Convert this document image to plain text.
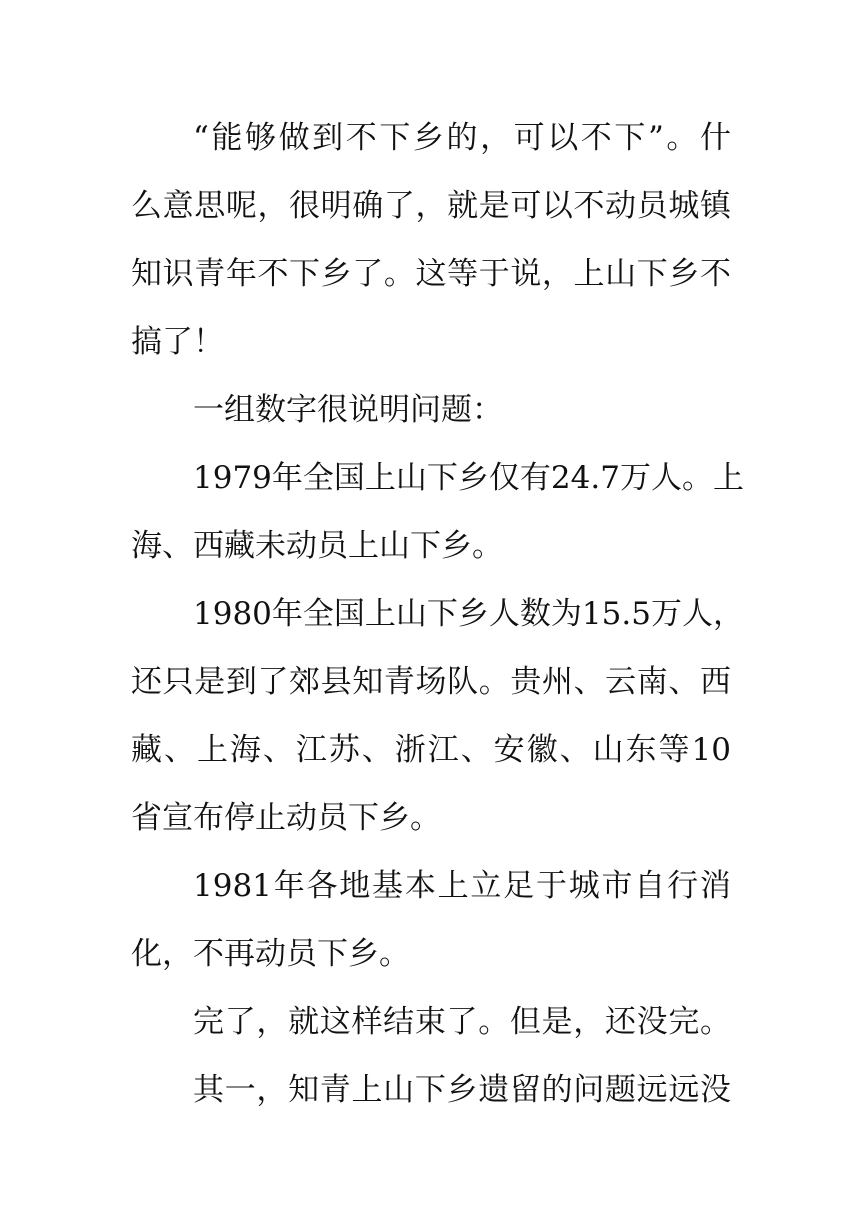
“ 能 够 做 到 不 下 乡 的 ， 可 以 不 下 ” 。 什
么 意 思 呢 ， 很 明 确 了 ， 就 是 可 以 不 动 员 城 镇
知 识 青 年 不 下 乡 了 。 这 等 于 说 ， 上 山 下 乡 不
搞了！
一组数字很说明问题：
1979 年 全 国 上 山 下 乡 仅 有 24.7 万 人 。 上
海、西藏未动员上山下乡。
1980 年 全 国 上 山 下 乡 人 数 为 15.5 万 人 ，
还 只 是 到 了 郊 县 知 青 场 队 。 贵 州 、 云 南 、 西
藏 、 上 海 、 江 苏 、 浙 江 、 安 徽 、 山 东 等 10
省宣布停止动员下乡。
1981 年 各 地 基 本 上 立 足 于 城 市 自 行 消
化，不再动员下乡。
完 了 ， 就 这 样 结 束 了 。 但 是 ， 还 没 完 。
其 一 ， 知 青 上 山 下 乡 遗 留 的 问 题 远 远 没
